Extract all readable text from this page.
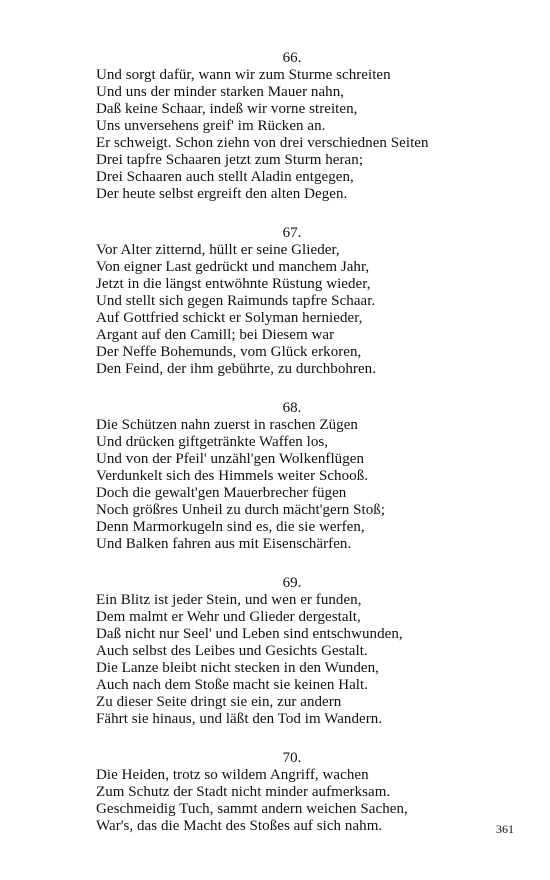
66.
Und sorgt dafür, wann wir zum Sturme schreiten
Und uns der minder starken Mauer nahn,
Daß keine Schaar, indeß wir vorne streiten,
Uns unversehens greif' im Rücken an.
Er schweigt. Schon ziehn von drei verschiednen Seiten
Drei tapfre Schaaren jetzt zum Sturm heran;
Drei Schaaren auch stellt Aladin entgegen,
Der heute selbst ergreift den alten Degen.
67.
Vor Alter zitternd, hüllt er seine Glieder,
Von eigner Last gedrückt und manchem Jahr,
Jetzt in die längst entwöhnte Rüstung wieder,
Und stellt sich gegen Raimunds tapfre Schaar.
Auf Gottfried schickt er Solyman hernieder,
Argant auf den Camill; bei Diesem war
Der Neffe Bohemunds, vom Glück erkoren,
Den Feind, der ihm gebührte, zu durchbohren.
68.
Die Schützen nahn zuerst in raschen Zügen
Und drücken giftgetränkte Waffen los,
Und von der Pfeil' unzähl'gen Wolkenflügen
Verdunkelt sich des Himmels weiter Schooß.
Doch die gewalt'gen Mauerbrecher fügen
Noch größres Unheil zu durch mächt'gern Stoß;
Denn Marmorkugeln sind es, die sie werfen,
Und Balken fahren aus mit Eisenschärfen.
69.
Ein Blitz ist jeder Stein, und wen er funden,
Dem malmt er Wehr und Glieder dergestalt,
Daß nicht nur Seel' und Leben sind entschwunden,
Auch selbst des Leibes und Gesichts Gestalt.
Die Lanze bleibt nicht stecken in den Wunden,
Auch nach dem Stoße macht sie keinen Halt.
Zu dieser Seite dringt sie ein, zur andern
Fährt sie hinaus, und läßt den Tod im Wandern.
70.
Die Heiden, trotz so wildem Angriff, wachen
Zum Schutz der Stadt nicht minder aufmerksam.
Geschmeidig Tuch, sammt andern weichen Sachen,
War's, das die Macht des Stoßes auf sich nahm.	361
